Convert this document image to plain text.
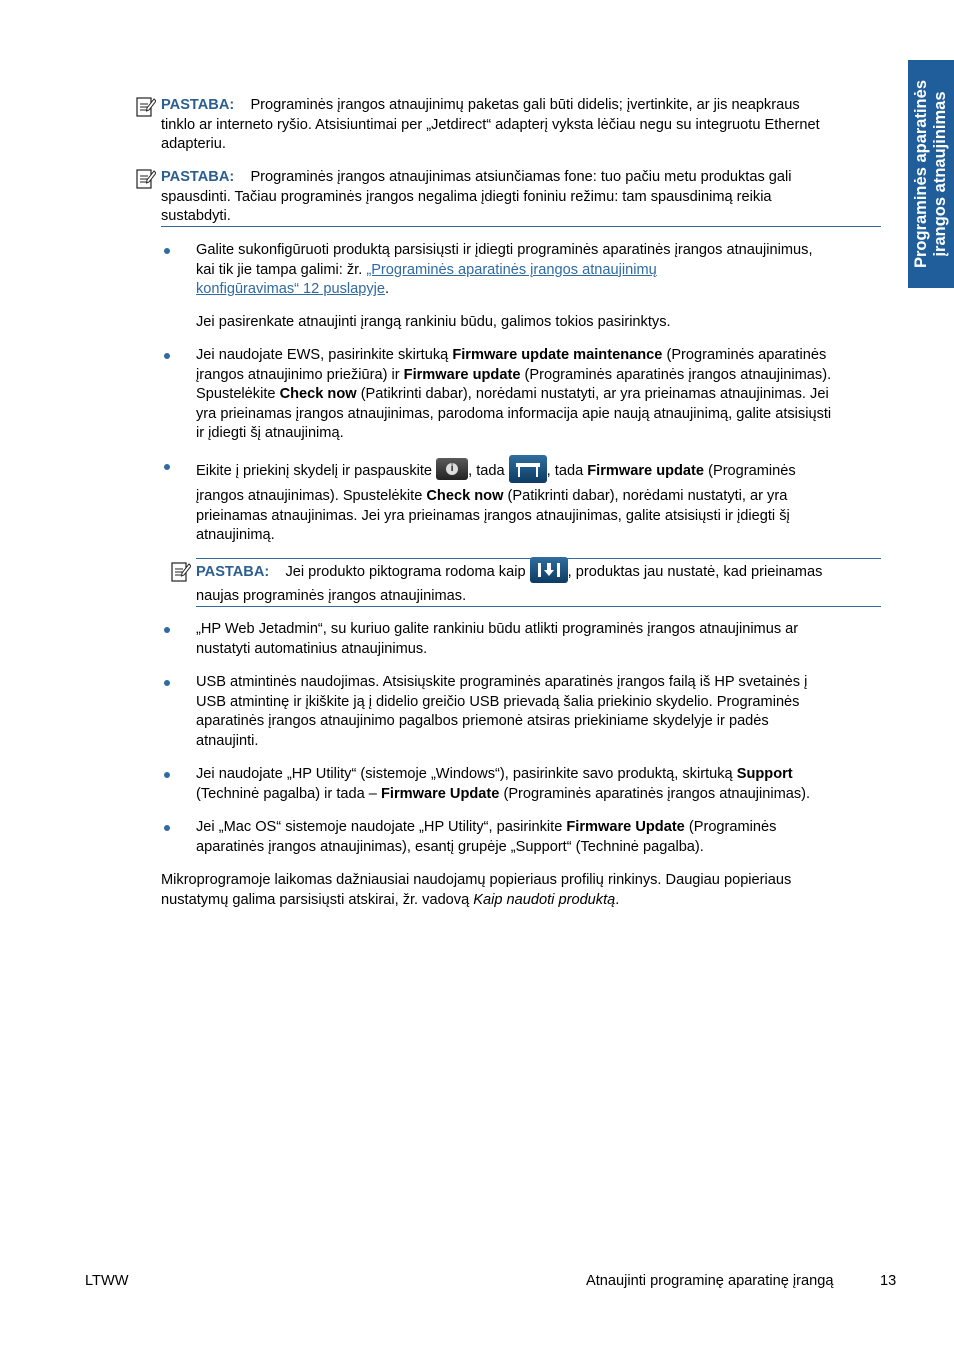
Programinės aparatinės įrangos atnaujinimas
PASTABA: Programinės įrangos atnaujinimų paketas gali būti didelis; įvertinkite, ar jis neapkraus
tinklo ar interneto ryšio. Atsisiuntimai per „Jetdirect“ adapterį vyksta lėčiau negu su integruotu Ethernet
adapteriu.
PASTABA: Programinės įrangos atnaujinimas atsiunčiamas fone: tuo pačiu metu produktas gali
spausdinti. Tačiau programinės įrangos negalima įdiegti foniniu režimu: tam spausdinimą reikia
sustabdyti.
Galite sukonfigūruoti produktą parsisiųsti ir įdiegti programinės aparatinės įrangos atnaujinimus,
kai tik jie tampa galimi: žr. „Programinės aparatinės įrangos atnaujinimų
konfigūravimas“ 12 puslapyje.
Jei pasirenkate atnaujinti įrangą rankiniu būdu, galimos tokios pasirinktys.
Jei naudojate EWS, pasirinkite skirtuką Firmware update maintenance (Programinės aparatinės
įrangos atnaujinimo priežiūra) ir Firmware update (Programinės aparatinės įrangos atnaujinimas).
Spustelėkite Check now (Patikrinti dabar), norėdami nustatyti, ar yra prieinamas atnaujinimas. Jei
yra prieinamas įrangos atnaujinimas, parodoma informacija apie naują atnaujinimą, galite atsisiųsti
ir įdiegti šį atnaujinimą.
Eikite į priekinį skydelį ir paspauskite	i	, tada	, tada Firmware update (Programinės
įrangos atnaujinimas). Spustelėkite Check now (Patikrinti dabar), norėdami nustatyti, ar yra
prieinamas atnaujinimas. Jei yra prieinamas įrangos atnaujinimas, galite atsisiųsti ir įdiegti šį
atnaujinimą.
PASTABA: Jei produkto piktograma rodoma kaip	, produktas jau nustatė, kad prieinamas
naujas programinės įrangos atnaujinimas.
„HP Web Jetadmin“, su kuriuo galite rankiniu būdu atlikti programinės įrangos atnaujinimus ar
nustatyti automatinius atnaujinimus.
USB atmintinės naudojimas. Atsisiųskite programinės aparatinės įrangos failą iš HP svetainės į
USB atmintinę ir įkiškite ją į didelio greičio USB prievadą šalia priekinio skydelio. Programinės
aparatinės įrangos atnaujinimo pagalbos priemonė atsiras priekiniame skydelyje ir padės
atnaujinti.
Jei naudojate „HP Utility“ (sistemoje „Windows“), pasirinkite savo produktą, skirtuką Support
(Techninė pagalba) ir tada – Firmware Update (Programinės aparatinės įrangos atnaujinimas).
Jei „Mac OS“ sistemoje naudojate „HP Utility“, pasirinkite Firmware Update (Programinės
aparatinės įrangos atnaujinimas), esantį grupėje „Support“ (Techninė pagalba).
Mikroprogramoje laikomas dažniausiai naudojamų popieriaus profilių rinkinys. Daugiau popieriaus
nustatymų galima parsisiųsti atskirai, žr. vadovą Kaip naudoti produktą.
LTWW	Atnaujinti programinę aparatinę įrangą	13
